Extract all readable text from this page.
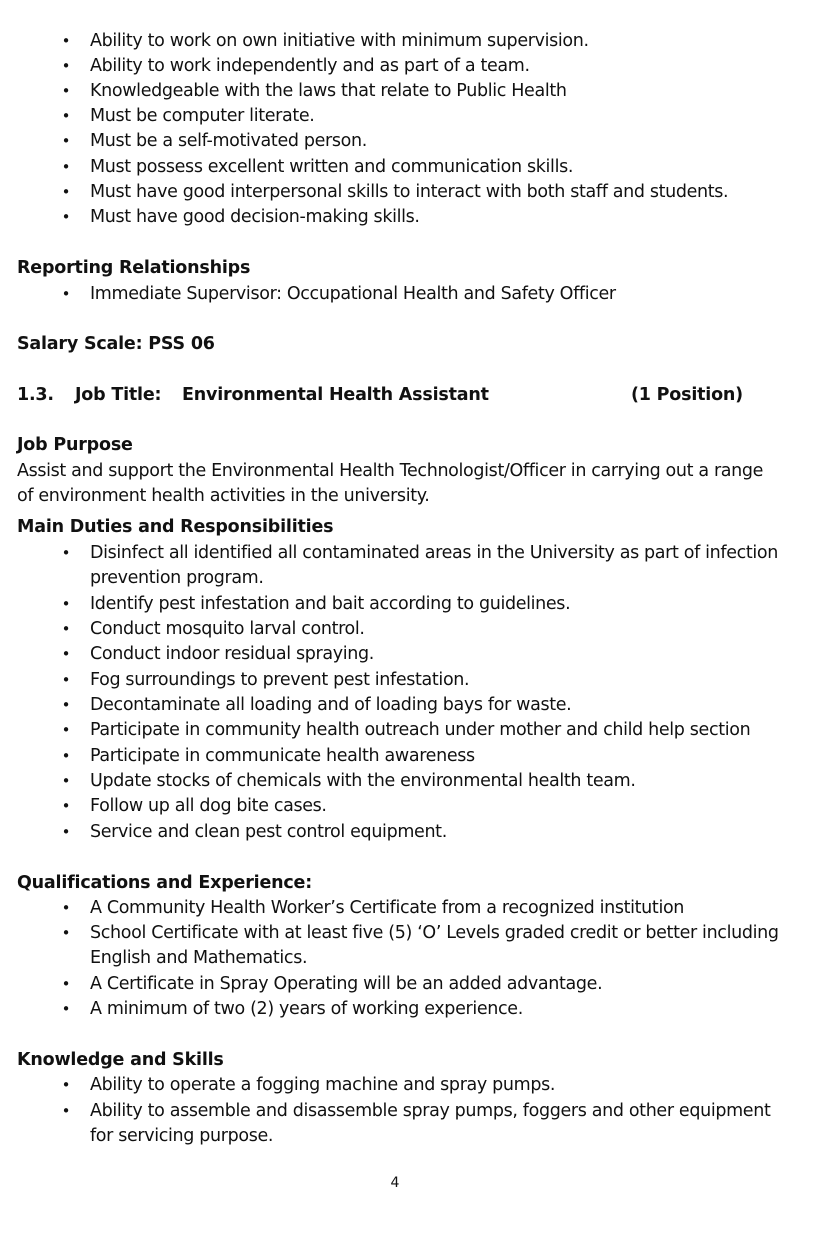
• Ability to work on own initiative with minimum supervision.
• Ability to work independently and as part of a team.
• Knowledgeable with the laws that relate to Public Health
• Must be computer literate.
• Must be a self-motivated person.
• Must possess excellent written and communication skills.
• Must have good interpersonal skills to interact with both staff and students.
• Must have good decision-making skills.
Reporting Relationships
• Immediate Supervisor: Occupational Health and Safety Officer
Salary Scale: PSS 06
1.3. Job Title: Environmental Health Assistant	(1 Position)
Job Purpose
Assist and support the Environmental Health Technologist/Officer in carrying out a range
of environment health activities in the university.
Main Duties and Responsibilities
• Disinfect all identified all contaminated areas in the University as part of infection
prevention program.
• Identify pest infestation and bait according to guidelines.
• Conduct mosquito larval control.
• Conduct indoor residual spraying.
• Fog surroundings to prevent pest infestation.
• Decontaminate all loading and of loading bays for waste.
• Participate in community health outreach under mother and child help section
• Participate in communicate health awareness
• Update stocks of chemicals with the environmental health team.
• Follow up all dog bite cases.
• Service and clean pest control equipment.
Qualifications and Experience:
• A Community Health Worker’s Certificate from a recognized institution
• School Certificate with at least five (5) ‘O’ Levels graded credit or better including
English and Mathematics.
• A Certificate in Spray Operating will be an added advantage.
• A minimum of two (2) years of working experience.
Knowledge and Skills
• Ability to operate a fogging machine and spray pumps.
• Ability to assemble and disassemble spray pumps, foggers and other equipment
for servicing purpose.
4
